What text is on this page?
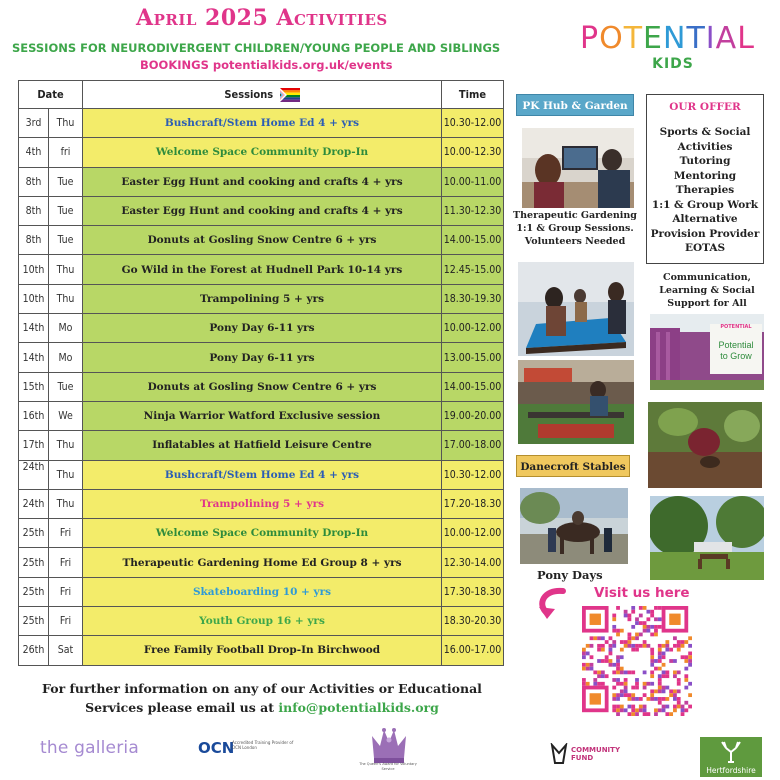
April 2025 Activities
SESSIONS FOR NEURODIVERGENT CHILDREN/YOUNG PEOPLE AND SIBLINGS
BOOKINGS potentialkids.org.uk/events
POTENTIAL
KIDS
Date		Sessions	Time
3rd	Thu	Bushcraft/Stem Home Ed 4 + yrs	10.30-12.00
4th	fri	Welcome Space Community Drop-In	10.00-12.30
8th	Tue	Easter Egg Hunt and cooking and crafts 4 + yrs	10.00-11.00
8th	Tue	Easter Egg Hunt and cooking and crafts 4 + yrs	11.30-12.30
8th	Tue	Donuts at Gosling Snow Centre 6 + yrs	14.00-15.00
10th	Thu	Go Wild in the Forest at Hudnell Park 10-14 yrs	12.45-15.00
10th	Thu	Trampolining 5 + yrs	18.30-19.30
14th	Mo	Pony Day 6-11 yrs	10.00-12.00
14th	Mo	Pony Day 6-11 yrs	13.00-15.00
15th	Tue	Donuts at Gosling Snow Centre 6 + yrs	14.00-15.00
16th	We	Ninja Warrior Watford Exclusive session	19.00-20.00
17th	Thu	Inflatables at Hatfield Leisure Centre	17.00-18.00
24th	Thu	Bushcraft/Stem Home Ed 4 + yrs	10.30-12.00
24th	Thu	Trampolining 5 + yrs	17.20-18.30
25th	Fri	Welcome Space Community Drop-In	10.00-12.00
25th	Fri	Therapeutic Gardening Home Ed Group 8 + yrs	12.30-14.00
25th	Fri	Skateboarding 10 + yrs	17.30-18.30
25th	Fri	Youth Group 16 + yrs	18.30-20.30
26th	Sat	Free Family Football Drop-In Birchwood	16.00-17.00
PK Hub & Garden
Therapeutic Gardening 1:1 & Group Sessions. Volunteers Needed
OUR OFFER
Sports & Social
Activities
Tutoring
Mentoring
Therapies
1:1 & Group Work
Alternative
Provision Provider
EOTAS
Communication, Learning & Social Support for All
POTENTIAL
Potential
to Grow
Danecroft Stables
Pony Days
Visit us here
For further information on any of our Activities or Educational
Services please email us at info@potentialkids.org
the galleria	OCN
Accredited Training Provider of OCN London
The Queen's Award for Voluntary Service
COMMUNITY FUND
Hertfordshire
